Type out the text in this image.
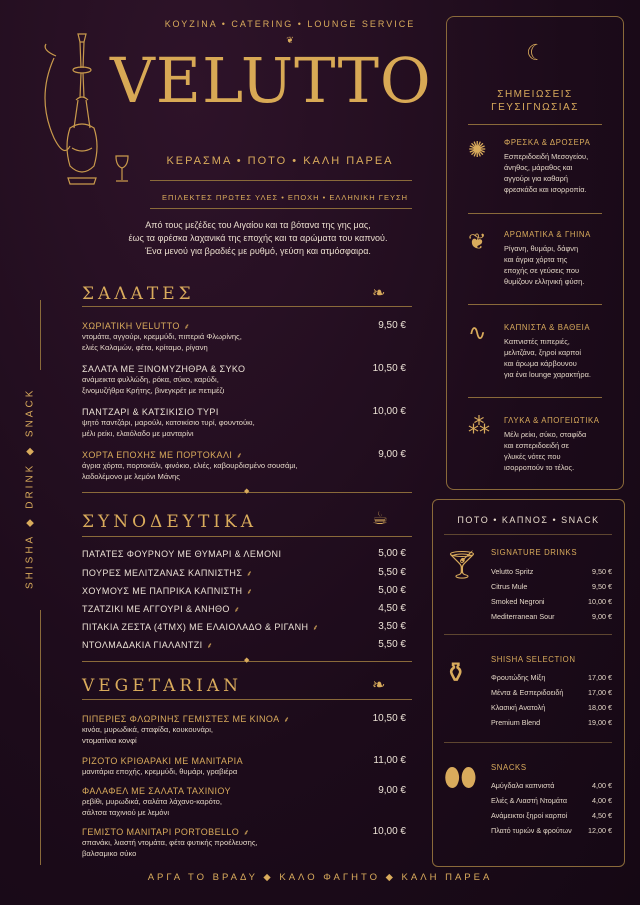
SHISHA ◆ DRINK ◆ SNACK
ΚΟΥΖΙΝΑ • CATERING • LOUNGE SERVICE
❦
VELUTTO
ΚΕΡΑΣΜΑ • ΠΟΤΟ • ΚΑΛΗ ΠΑΡΕΑ
ΕΠΙΛΕΚΤΕΣ ΠΡΩΤΕΣ ΥΛΕΣ • ΕΠΟΧΗ • ΕΛΛΗΝΙΚΗ ΓΕΥΣΗ
Από τους μεζέδες του Αιγαίου και τα βότανα της γης μας,
έως τα φρέσκα λαχανικά της εποχής και τα αρώματα του καπνού.
Ένα μενού για βραδιές με ρυθμό, γεύση και ατμόσφαιρα.
ΣΑΛΑΤΕΣ	❧
ΧΩΡΙΑΤΙΚΗ VELUTTO ⸙	9,50 €
ντομάτα, αγγούρι, κρεμμύδι, πιπεριά Φλωρίνης,
ελιές Καλαμών, φέτα, κρίταμο, ρίγανη
ΣΑΛΑΤΑ ΜΕ ΞΙΝΟΜΥΖΗΘΡΑ & ΣΥΚΟ	10,50 €
ανάμεικτα φυλλώδη, ρόκα, σύκο, καρύδι,
ξινομυζήθρα Κρήτης, βινεγκρέτ με πετιμέζι
ΠΑΝΤΖΑΡΙ & ΚΑΤΣΙΚΙΣΙΟ ΤΥΡΙ	10,00 €
ψητό παντζάρι, μαρούλι, κατσικίσιο τυρί, φουντούκι,
μέλι ρείκι, ελαιόλαδο με μανταρίνι
ΧΟΡΤΑ ΕΠΟΧΗΣ ΜΕ ΠΟΡΤΟΚΑΛΙ ⸙	9,00 €
άγρια χόρτα, πορτοκάλι, φινόκιο, ελιές, καβουρδισμένο σουσάμι,
λαδολέμονο με λεμόνι Μάνης
◆
ΣΥΝΟΔΕΥΤΙΚΑ	☕︎
ΠΑΤΑΤΕΣ ΦΟΥΡΝΟΥ ΜΕ ΘΥΜΑΡΙ & ΛΕΜΟΝΙ	5,00 €
ΠΟΥΡΕΣ ΜΕΛΙΤΖΑΝΑΣ ΚΑΠΝΙΣΤΗΣ ⸙	5,50 €
ΧΟΥΜΟΥΣ ΜΕ ΠΑΠΡΙΚΑ ΚΑΠΝΙΣΤΗ ⸙	5,00 €
ΤΖΑΤΖΙΚΙ ΜΕ ΑΓΓΟΥΡΙ & ΑΝΗΘΟ ⸙	4,50 €
ΠΙΤΑΚΙΑ ΖΕΣΤΑ (4ΤΜΧ) ΜΕ ΕΛΑΙΟΛΑΔΟ & ΡΙΓΑΝΗ ⸙	3,50 €
ΝΤΟΛΜΑΔΑΚΙΑ ΓΙΑΛΑΝΤΖΙ ⸙	5,50 €
◆
VEGETARIAN	❧
ΠΙΠΕΡΙΕΣ ΦΛΩΡΙΝΗΣ ΓΕΜΙΣΤΕΣ ΜΕ ΚΙΝΟΑ ⸙	10,50 €
κινόα, μυρωδικά, σταφίδα, κουκουνάρι,
ντοματίνια κονφί
ΡΙΖΟΤΟ ΚΡΙΘΑΡΑΚΙ ΜΕ ΜΑΝΙΤΑΡΙΑ	11,00 €
μανιτάρια εποχής, κρεμμύδι, θυμάρι, γραβιέρα
ΦΑΛΑΦΕΛ ΜΕ ΣΑΛΑΤΑ ΤΑΧΙΝΙΟΥ	9,00 €
ρεβίθι, μυρωδικά, σαλάτα λάχανο-καρότο,
σάλτσα ταχινιού με λεμόνι
ΓΕΜΙΣΤΟ ΜΑΝΙΤΑΡΙ PORTOBELLO ⸙	10,00 €
σπανάκι, λιαστή ντομάτα, φέτα φυτικής προέλευσης,
βαλσαμικο σύκο
☾
ΣΗΜΕΙΩΣΕΙΣ
ΓΕΥΣΙΓΝΩΣΙΑΣ
✺	ΦΡΕΣΚΑ & ΔΡΟΣΕΡΑ
Εσπεριδοειδή Μεσογείου,
άνηθος, μάραθος και
αγγούρι για καθαρή
φρεσκάδα και ισορροπία.
❦	ΑΡΩΜΑΤΙΚΑ & ΓΗΙΝΑ
Ρίγανη, θυμάρι, δάφνη
και άγρια χόρτα της
εποχής σε γεύσεις που
θυμίζουν ελληνική φύση.
∿	ΚΑΠΝΙΣΤΑ & ΒΑΘΕΙΑ
Καπνιστές πιπεριές,
μελιτζάνα, ξηροί καρποί
και άρωμα κάρβουνου
για ένα lounge χαρακτήρα.
⁂	ΓΛΥΚΑ & ΑΠΟΓΕΙΩΤΙΚΑ
Μέλι ρείκι, σύκο, σταφίδα
και εσπεριδοειδή σε
γλυκές νότες που
ισορροπούν το τέλος.
ΠΟΤΟ • ΚΑΠΝΟΣ • SNACK
🍸︎ SIGNATURE DRINKS
Velutto Spritz	9,50 €
Citrus Mule	9,50 €
Smoked Negroni	10,00 €
Mediterranean Sour	9,00 €
⚱	SHISHA SELECTION
Φρουτώδης Μίξη	17,00 €
Μέντα & Εσπεριδοειδή	17,00 €
Κλασική Ανατολή	18,00 €
Premium Blend	19,00 €
⬮⬮	SNACKS
Αμύγδαλα καπνιστά	4,00 €
Ελιές & Λιαστή Ντομάτα	4,00 €
Ανάμεικτοι ξηροί καρποί	4,50 €
Πλατό τυριών & φρούτων	12,00 €
ΑΡΓΑ ΤΟ ΒΡΑΔΥ ◆ ΚΑΛΟ ΦΑΓΗΤΟ ◆ ΚΑΛΗ ΠΑΡΕΑ
